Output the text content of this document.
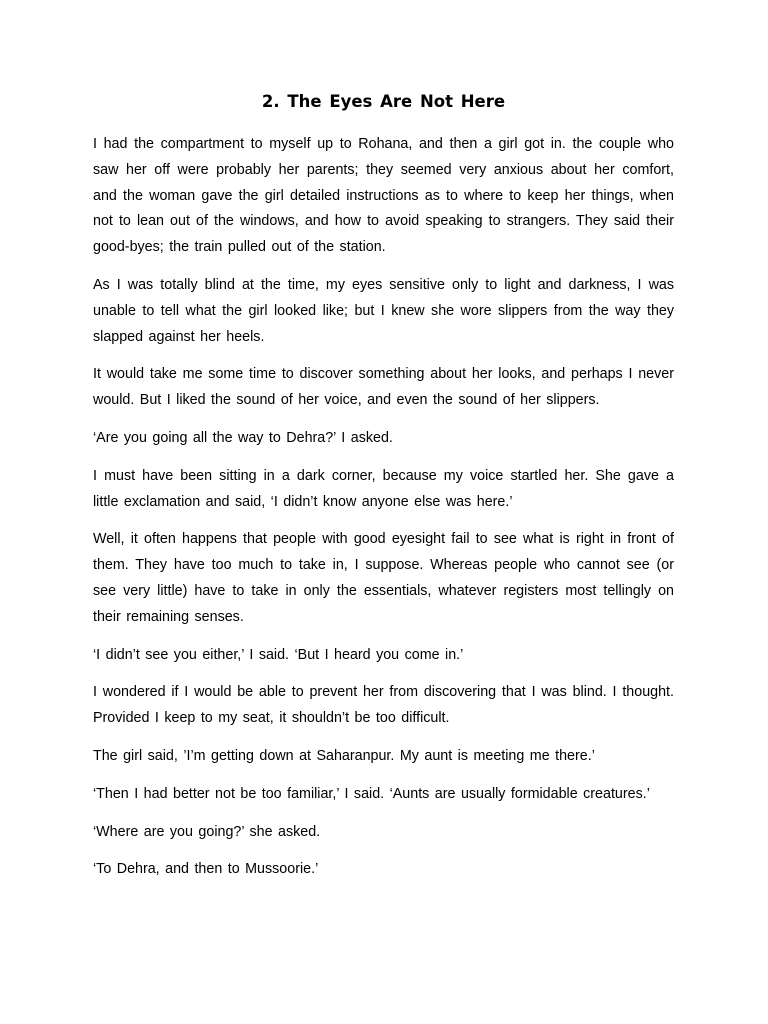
2. The Eyes Are Not Here

I had the compartment to myself up to Rohana, and then a girl got in. the couple who saw her off were probably her parents; they seemed very anxious about her comfort, and the woman gave the girl detailed instructions as to where to keep her things, when not to lean out of the windows, and how to avoid speaking to strangers. They said their good-byes; the train pulled out of the station.

As I was totally blind at the time, my eyes sensitive only to light and darkness, I was unable to tell what the girl looked like; but I knew she wore slippers from the way they slapped against her heels.

It would take me some time to discover something about her looks, and perhaps I never would. But I liked the sound of her voice, and even the sound of her slippers.

‘Are you going all the way to Dehra?’ I asked.

I must have been sitting in a dark corner, because my voice startled her. She gave a little exclamation and said, ‘I didn’t know anyone else was here.’

Well, it often happens that people with good eyesight fail to see what is right in front of them. They have too much to take in, I suppose. Whereas people who cannot see (or see very little) have to take in only the essentials, whatever registers most tellingly on their remaining senses.

‘I didn’t see you either,’ I said. ‘But I heard you come in.’

I wondered if I would be able to prevent her from discovering that I was blind. I thought. Provided I keep to my seat, it shouldn’t be too difficult.

The girl said, ’I’m getting down at Saharanpur. My aunt is meeting me there.’

‘Then I had better not be too familiar,’ I said. ‘Aunts are usually formidable creatures.’

‘Where are you going?’ she asked.

‘To Dehra, and then to Mussoorie.’
